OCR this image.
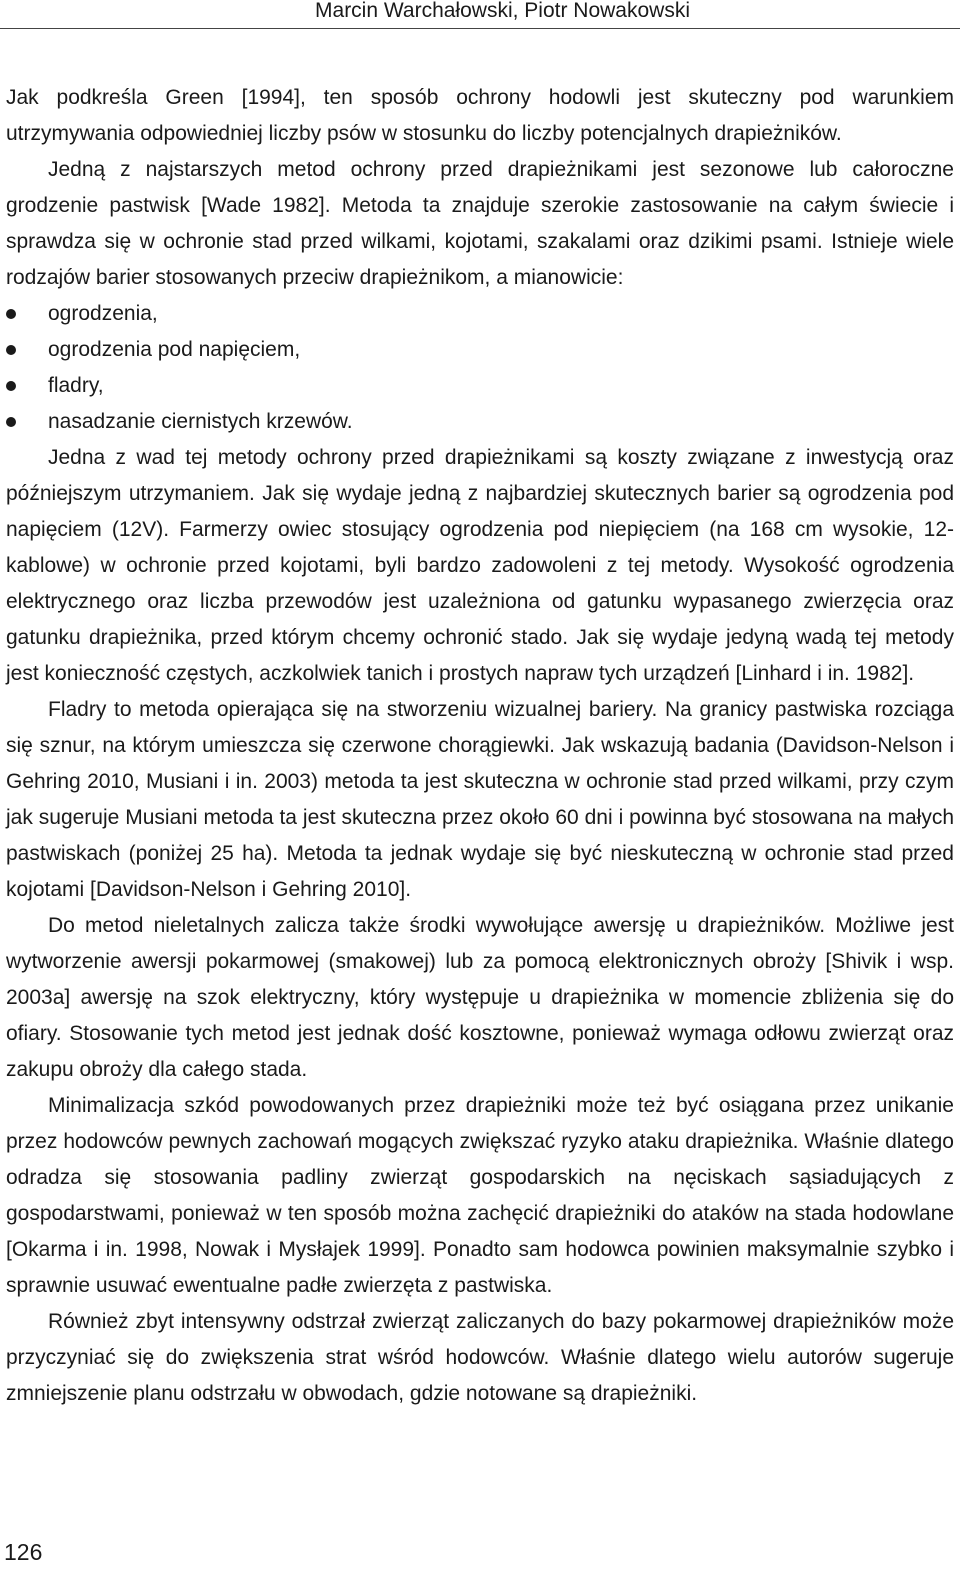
Marcin Warchałowski, Piotr Nowakowski

Jak podkreśla Green [1994], ten sposób ochrony hodowli jest skuteczny pod warunkiem utrzymywania odpowiedniej liczby psów w stosunku do liczby potencjalnych drapieżników.

Jedną z najstarszych metod ochrony przed drapieżnikami jest sezonowe lub całoroczne grodzenie pastwisk [Wade 1982]. Metoda ta znajduje szerokie zastosowanie na całym świecie i sprawdza się w ochronie stad przed wilkami, kojotami, szakalami oraz dzikimi psami. Istnieje wiele rodzajów barier stosowanych przeciw drapieżnikom, a mianowicie:

ogrodzenia,
ogrodzenia pod napięciem,
fladry,
nasadzanie ciernistych krzewów.

Jedna z wad tej metody ochrony przed drapieżnikami są koszty związane z inwestycją oraz późniejszym utrzymaniem. Jak się wydaje jedną z najbardziej skutecznych barier są ogrodzenia pod napięciem (12V). Farmerzy owiec stosujący ogrodzenia pod niepięciem (na 168 cm wysokie, 12-kablowe) w ochronie przed kojotami, byli bardzo zadowoleni z tej metody. Wysokość ogrodzenia elektrycznego oraz liczba przewodów jest uzależniona od gatunku wypasanego zwierzęcia oraz gatunku drapieżnika, przed którym chcemy ochronić stado. Jak się wydaje jedyną wadą tej metody jest konieczność częstych, aczkolwiek tanich i prostych napraw tych urządzeń [Linhard i in. 1982].

Fladry to metoda opierająca się na stworzeniu wizualnej bariery. Na granicy pastwiska rozciąga się sznur, na którym umieszcza się czerwone chorągiewki. Jak wskazują badania (Davidson-Nelson i Gehring 2010, Musiani i in. 2003) metoda ta jest skuteczna w ochronie stad przed wilkami, przy czym jak sugeruje Musiani metoda ta jest skuteczna przez około 60 dni i powinna być stosowana na małych pastwiskach (poniżej 25 ha). Metoda ta jednak wydaje się być nieskuteczną w ochronie stad przed kojotami [Davidson-Nelson i Gehring 2010].

Do metod nieletalnych zalicza także środki wywołujące awersję u drapieżników. Możliwe jest wytworzenie awersji pokarmowej (smakowej) lub za pomocą elektronicznych obroży [Shivik i wsp. 2003a] awersję na szok elektryczny, który występuje u drapieżnika w momencie zbliżenia się do ofiary. Stosowanie tych metod jest jednak dość kosztowne, ponieważ wymaga odłowu zwierząt oraz zakupu obroży dla całego stada.

Minimalizacja szkód powodowanych przez drapieżniki może też być osiągana przez unikanie przez hodowców pewnych zachowań mogących zwiększać ryzyko ataku drapieżnika. Właśnie dlatego odradza się stosowania padliny zwierząt gospodarskich na nęciskach sąsiadujących z gospodarstwami, ponieważ w ten sposób można zachęcić drapieżniki do ataków na stada hodowlane [Okarma i in. 1998, Nowak i Mysłajek 1999]. Ponadto sam hodowca powinien maksymalnie szybko i sprawnie usuwać ewentualne padłe zwierzęta z pastwiska.

Również zbyt intensywny odstrzał zwierząt zaliczanych do bazy pokarmowej drapieżników może przyczyniać się do zwiększenia strat wśród hodowców. Właśnie dlatego wielu autorów sugeruje zmniejszenie planu odstrzału w obwodach, gdzie notowane są drapieżniki.

126
